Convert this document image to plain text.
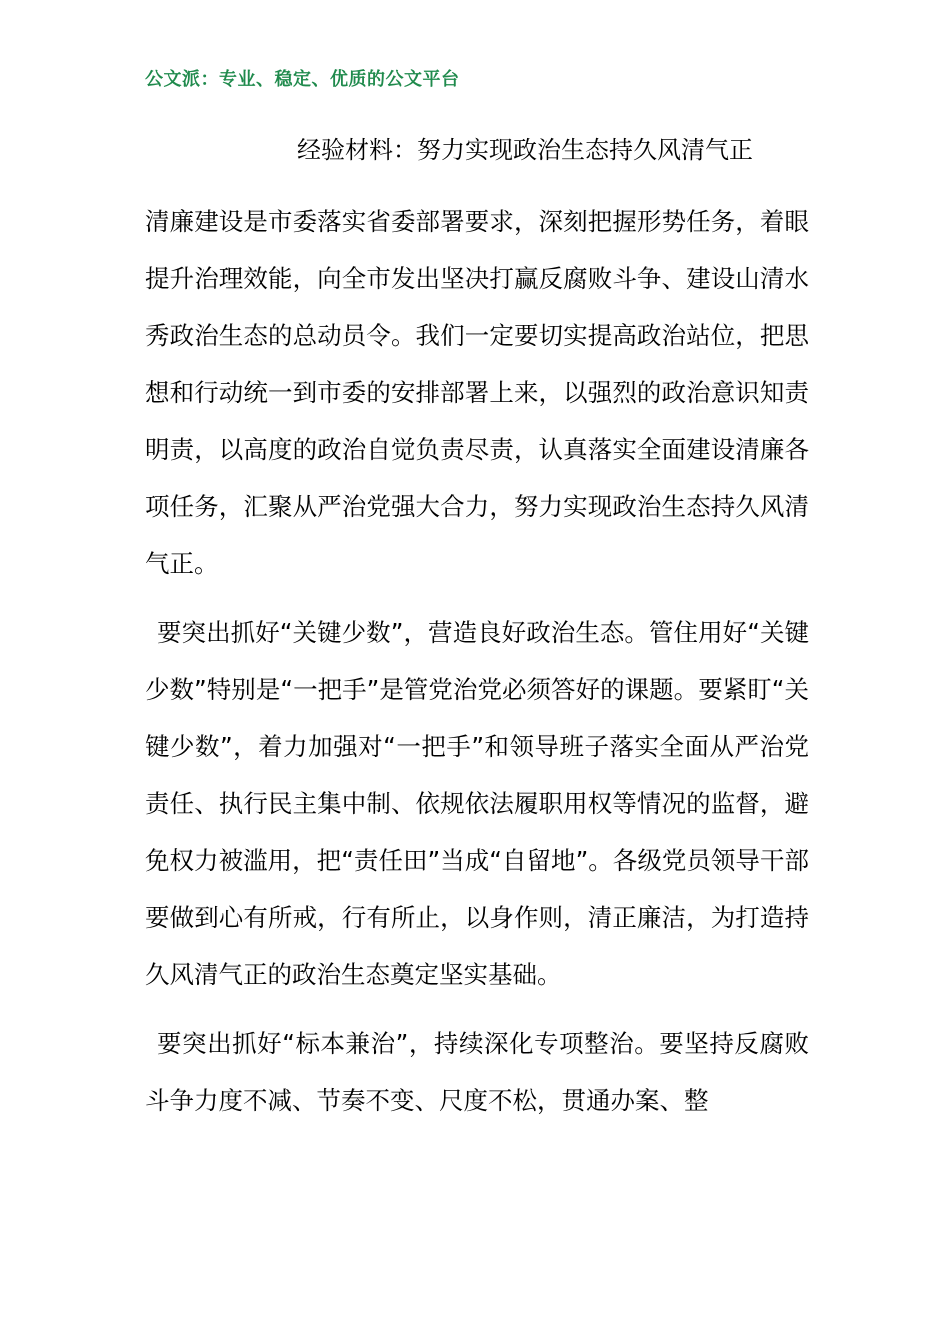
公文派：专业、稳定、优质的公文平台
经验材料：努力实现政治生态持久风清气正

清廉建设是市委落实省委部署要求，深刻把握形势任务，着眼提升治理效能，向全市发出坚决打赢反腐败斗争、建设山清水秀政治生态的总动员令。我们一定要切实提高政治站位，把思想和行动统一到市委的安排部署上来，以强烈的政治意识知责明责，以高度的政治自觉负责尽责，认真落实全面建设清廉各项任务，汇聚从严治党强大合力，努力实现政治生态持久风清气正。

要突出抓好“关键少数”，营造良好政治生态。管住用好“关键少数”特别是“一把手”是管党治党必须答好的课题。要紧盯“关键少数”，着力加强对“一把手”和领导班子落实全面从严治党责任、执行民主集中制、依规依法履职用权等情况的监督，避免权力被滥用，把“责任田”当成“自留地”。各级党员领导干部要做到心有所戒，行有所止，以身作则，清正廉洁，为打造持久风清气正的政治生态奠定坚实基础。

要突出抓好“标本兼治”，持续深化专项整治。要坚持反腐败斗争力度不减、节奏不变、尺度不松，贯通办案、整
